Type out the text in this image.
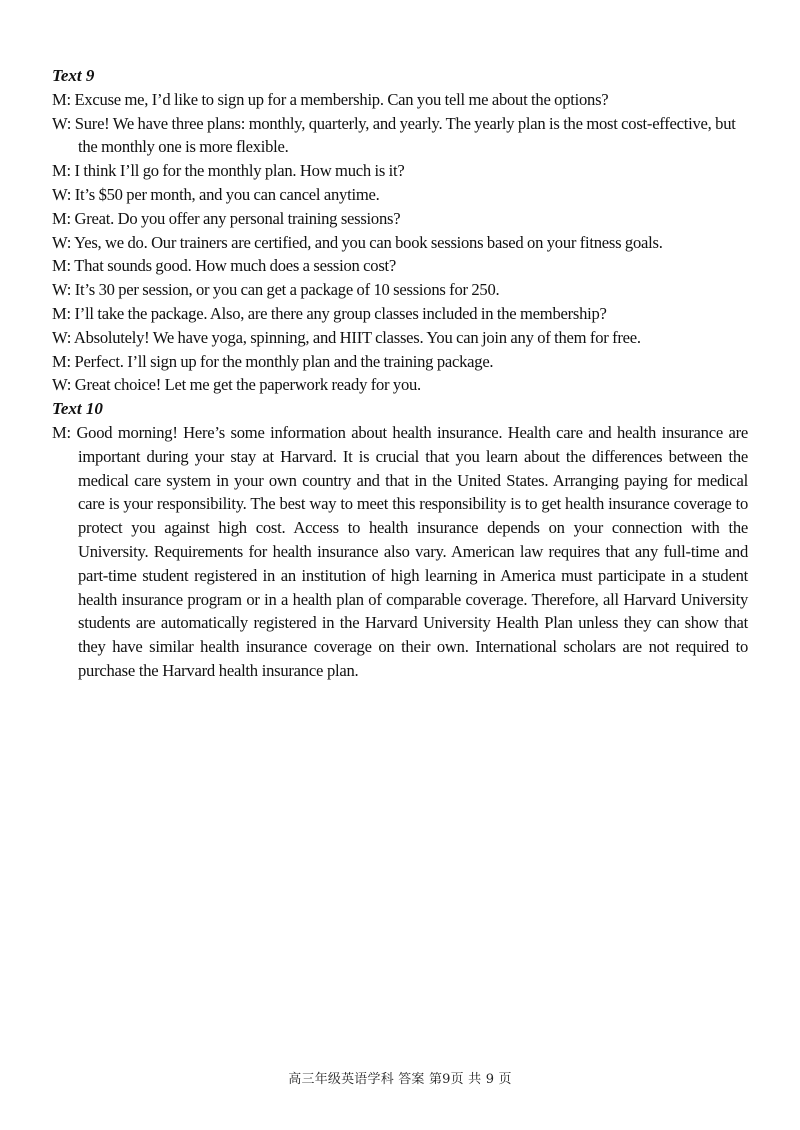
Text 9
M: Excuse me, I’d like to sign up for a membership. Can you tell me about the options?
W: Sure! We have three plans: monthly, quarterly, and yearly. The yearly plan is the most cost-effective, but the monthly one is more flexible.
M: I think I’ll go for the monthly plan. How much is it?
W: It’s $50 per month, and you can cancel anytime.
M: Great. Do you offer any personal training sessions?
W: Yes, we do. Our trainers are certified, and you can book sessions based on your fitness goals.
M: That sounds good. How much does a session cost?
W: It’s 30 per session, or you can get a package of 10 sessions for 250.
M: I’ll take the package. Also, are there any group classes included in the membership?
W: Absolutely! We have yoga, spinning, and HIIT classes. You can join any of them for free.
M: Perfect. I’ll sign up for the monthly plan and the training package.
W: Great choice! Let me get the paperwork ready for you.
Text 10
M: Good morning! Here’s some information about health insurance. Health care and health insurance are important during your stay at Harvard. It is crucial that you learn about the differences between the medical care system in your own country and that in the United States. Arranging paying for medical care is your responsibility. The best way to meet this responsibility is to get health insurance coverage to protect you against high cost. Access to health insurance depends on your connection with the University. Requirements for health insurance also vary. American law requires that any full-time and part-time student registered in an institution of high learning in America must participate in a student health insurance program or in a health plan of comparable coverage. Therefore, all Harvard University students are automatically registered in the Harvard University Health Plan unless they can show that they have similar health insurance coverage on their own. International scholars are not required to purchase the Harvard health insurance plan.
高三年级英语学科 答案 第9页 共 9 页
